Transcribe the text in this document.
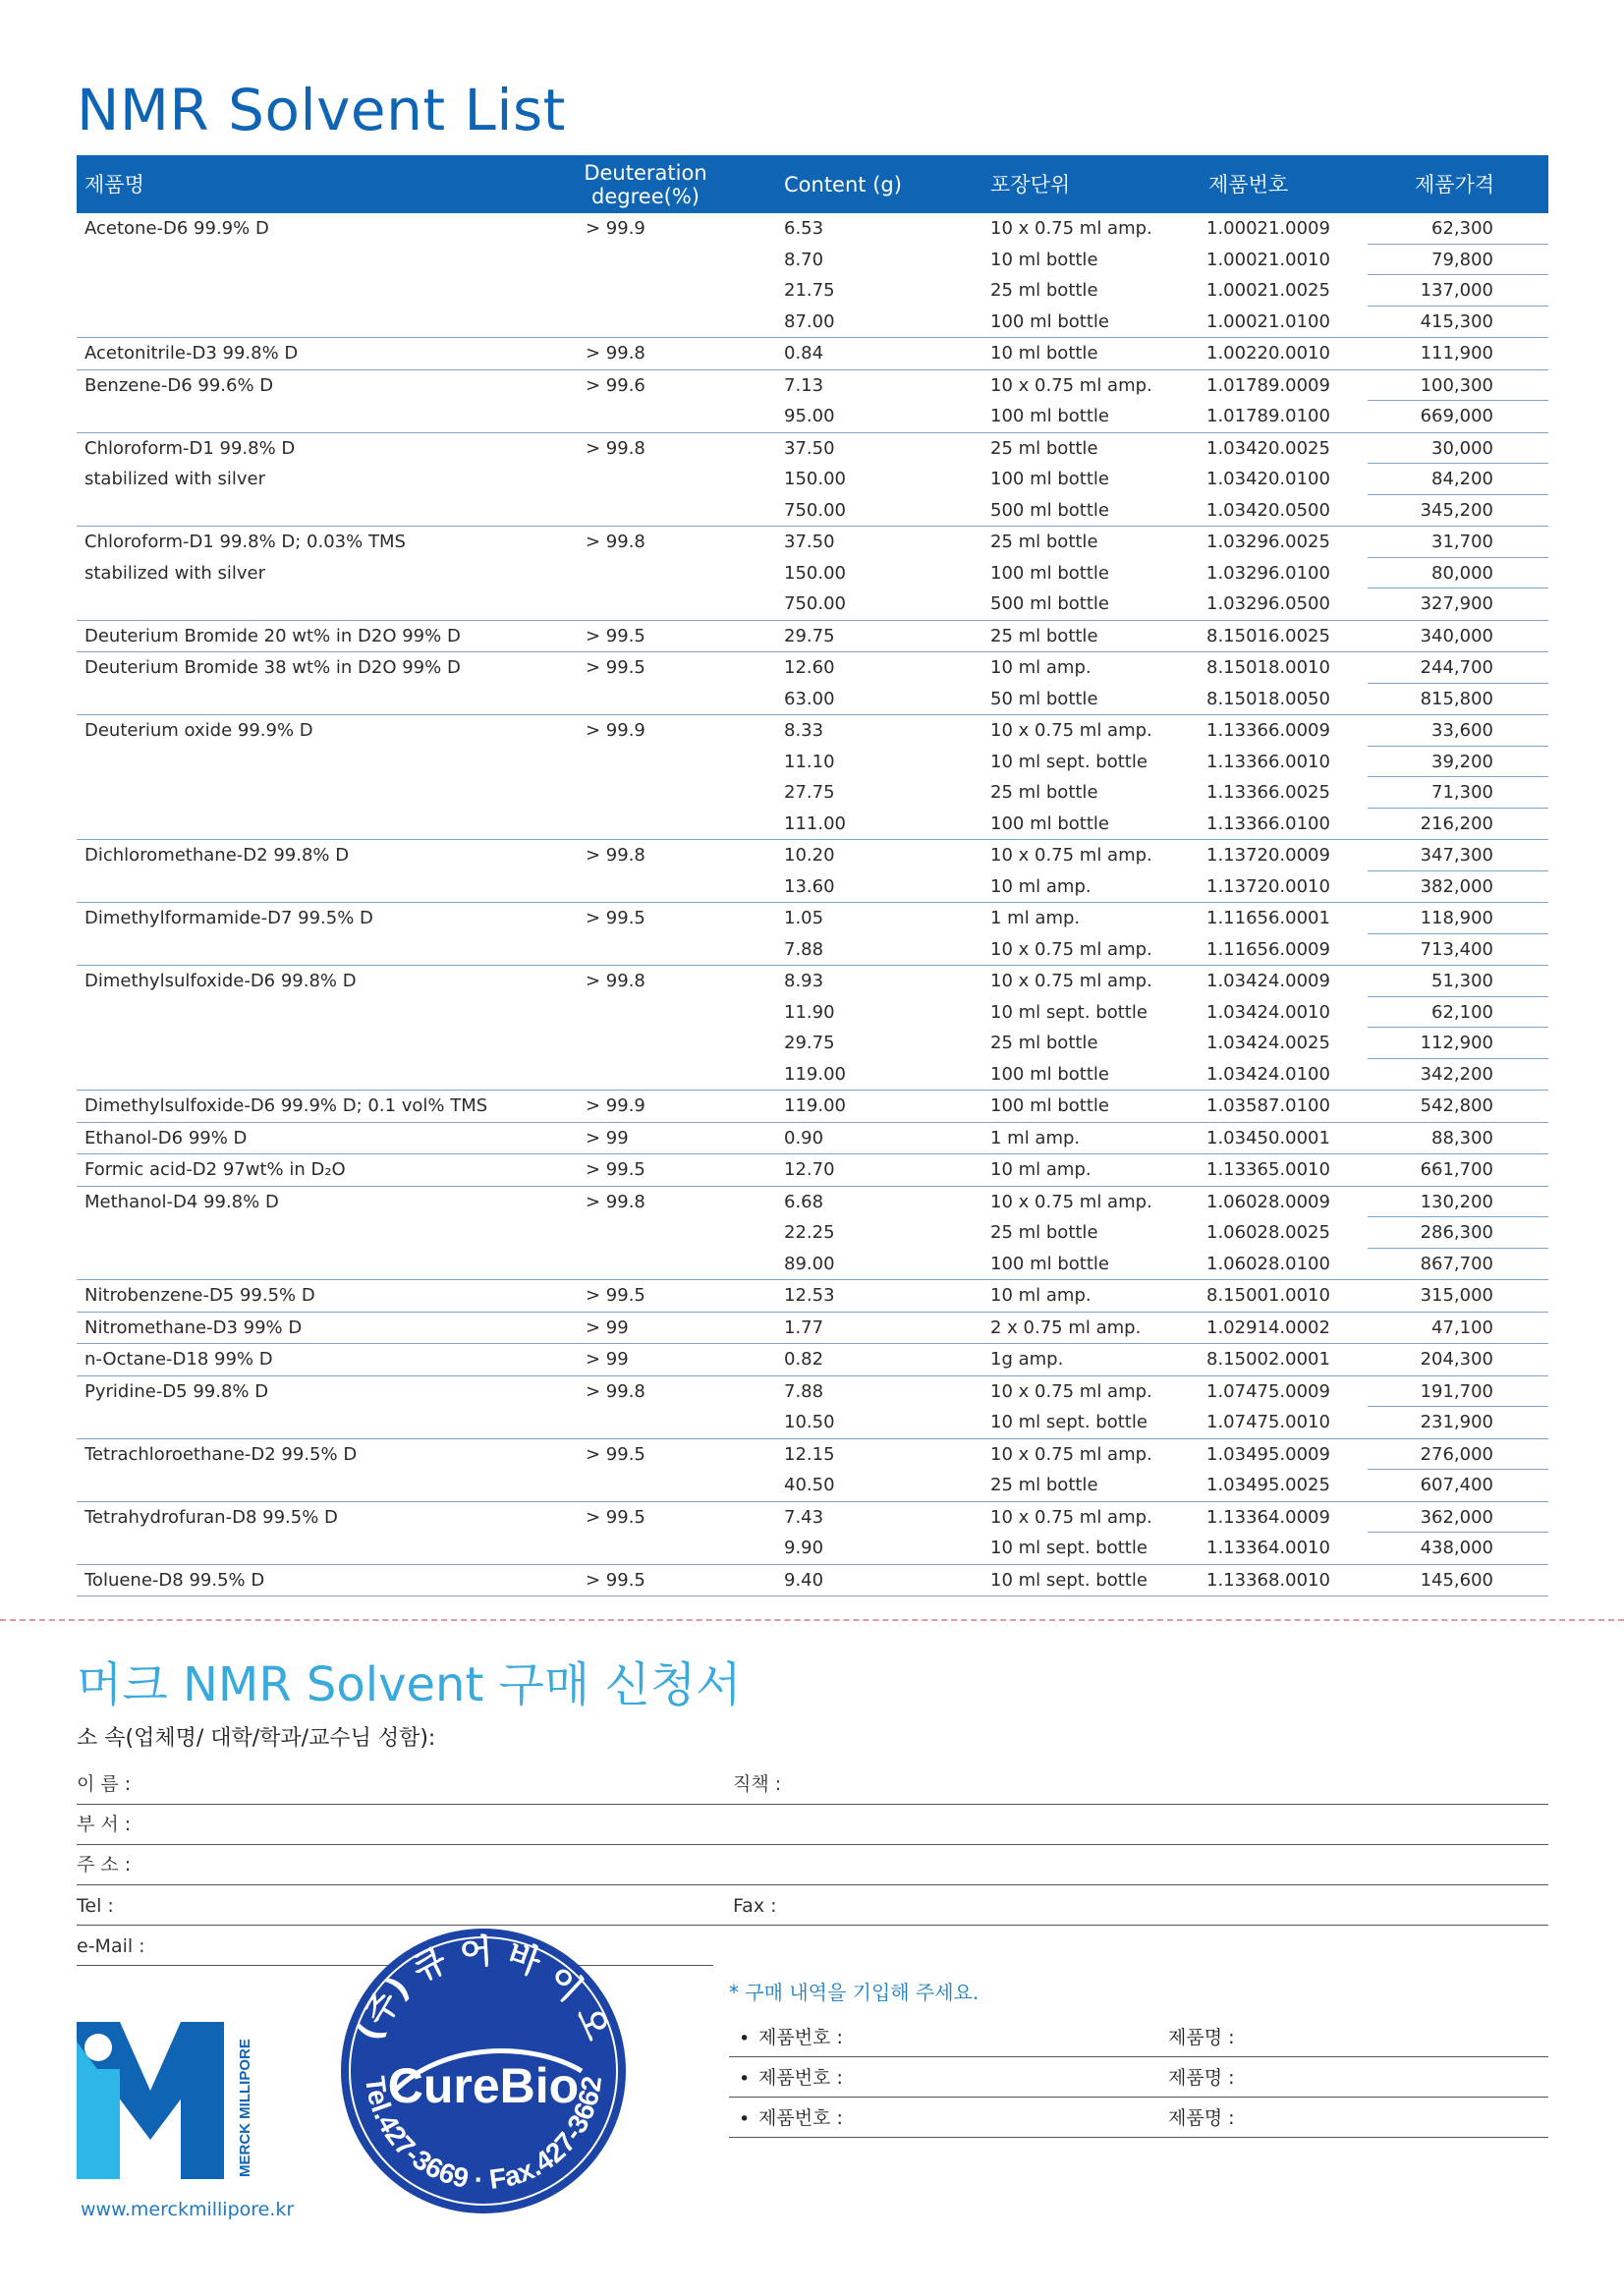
NMR Solvent List
제품명	Deuteration degree(%)	Content (g)	포장단위	제품번호	제품가격
Acetone-D6 99.9% D	> 99.9	6.53	10 x 0.75 ml amp.	1.00021.0009	62,300
8.70	10 ml bottle	1.00021.0010	79,800
21.75	25 ml bottle	1.00021.0025	137,000
87.00	100 ml bottle	1.00021.0100	415,300
Acetonitrile-D3 99.8% D	> 99.8	0.84	10 ml bottle	1.00220.0010	111,900
Benzene-D6 99.6% D	> 99.6	7.13	10 x 0.75 ml amp.	1.01789.0009	100,300
95.00	100 ml bottle	1.01789.0100	669,000
Chloroform-D1 99.8% D	> 99.8	37.50	25 ml bottle	1.03420.0025	30,000
stabilized with silver	150.00	100 ml bottle	1.03420.0100	84,200
750.00	500 ml bottle	1.03420.0500	345,200
Chloroform-D1 99.8% D; 0.03% TMS	> 99.8	37.50	25 ml bottle	1.03296.0025	31,700
stabilized with silver	150.00	100 ml bottle	1.03296.0100	80,000
750.00	500 ml bottle	1.03296.0500	327,900
Deuterium Bromide 20 wt% in D2O 99% D	> 99.5	29.75	25 ml bottle	8.15016.0025	340,000
Deuterium Bromide 38 wt% in D2O 99% D	> 99.5	12.60	10 ml amp.	8.15018.0010	244,700
63.00	50 ml bottle	8.15018.0050	815,800
Deuterium oxide 99.9% D	> 99.9	8.33	10 x 0.75 ml amp.	1.13366.0009	33,600
11.10	10 ml sept. bottle	1.13366.0010	39,200
27.75	25 ml bottle	1.13366.0025	71,300
111.00	100 ml bottle	1.13366.0100	216,200
Dichloromethane-D2 99.8% D	> 99.8	10.20	10 x 0.75 ml amp.	1.13720.0009	347,300
13.60	10 ml amp.	1.13720.0010	382,000
Dimethylformamide-D7 99.5% D	> 99.5	1.05	1 ml amp.	1.11656.0001	118,900
7.88	10 x 0.75 ml amp.	1.11656.0009	713,400
Dimethylsulfoxide-D6 99.8% D	> 99.8	8.93	10 x 0.75 ml amp.	1.03424.0009	51,300
11.90	10 ml sept. bottle	1.03424.0010	62,100
29.75	25 ml bottle	1.03424.0025	112,900
119.00	100 ml bottle	1.03424.0100	342,200
Dimethylsulfoxide-D6 99.9% D; 0.1 vol% TMS	> 99.9	119.00	100 ml bottle	1.03587.0100	542,800
Ethanol-D6 99% D	> 99	0.90	1 ml amp.	1.03450.0001	88,300
Formic acid-D2 97wt% in D₂O	> 99.5	12.70	10 ml amp.	1.13365.0010	661,700
Methanol-D4 99.8% D	> 99.8	6.68	10 x 0.75 ml amp.	1.06028.0009	130,200
22.25	25 ml bottle	1.06028.0025	286,300
89.00	100 ml bottle	1.06028.0100	867,700
Nitrobenzene-D5 99.5% D	> 99.5	12.53	10 ml amp.	8.15001.0010	315,000
Nitromethane-D3 99% D	> 99	1.77	2 x 0.75 ml amp.	1.02914.0002	47,100
n-Octane-D18 99% D	> 99	0.82	1g amp.	8.15002.0001	204,300
Pyridine-D5 99.8% D	> 99.8	7.88	10 x 0.75 ml amp.	1.07475.0009	191,700
10.50	10 ml sept. bottle	1.07475.0010	231,900
Tetrachloroethane-D2 99.5% D	> 99.5	12.15	10 x 0.75 ml amp.	1.03495.0009	276,000
40.50	25 ml bottle	1.03495.0025	607,400
Tetrahydrofuran-D8 99.5% D	> 99.5	7.43	10 x 0.75 ml amp.	1.13364.0009	362,000
9.90	10 ml sept. bottle	1.13364.0010	438,000
Toluene-D8 99.5% D	> 99.5	9.40	10 ml sept. bottle	1.13368.0010	145,600
머크 NMR Solvent 구매 신청서
소 속(업체명/ 대학/학과/교수님 성함):
이 름 :	직책 :
부 서 :
주 소 :
Tel :	Fax :
e-Mail :
* 구매 내역을 기입해 주세요.
• 제품번호 :	제품명 :
• 제품번호 :	제품명 :
• 제품번호 :	제품명 :
MERCK MILLIPORE
www.merckmillipore.kr
(주) 큐 어 바 이 오
CureBio
Tel.427-3669 · Fax.427-3662
